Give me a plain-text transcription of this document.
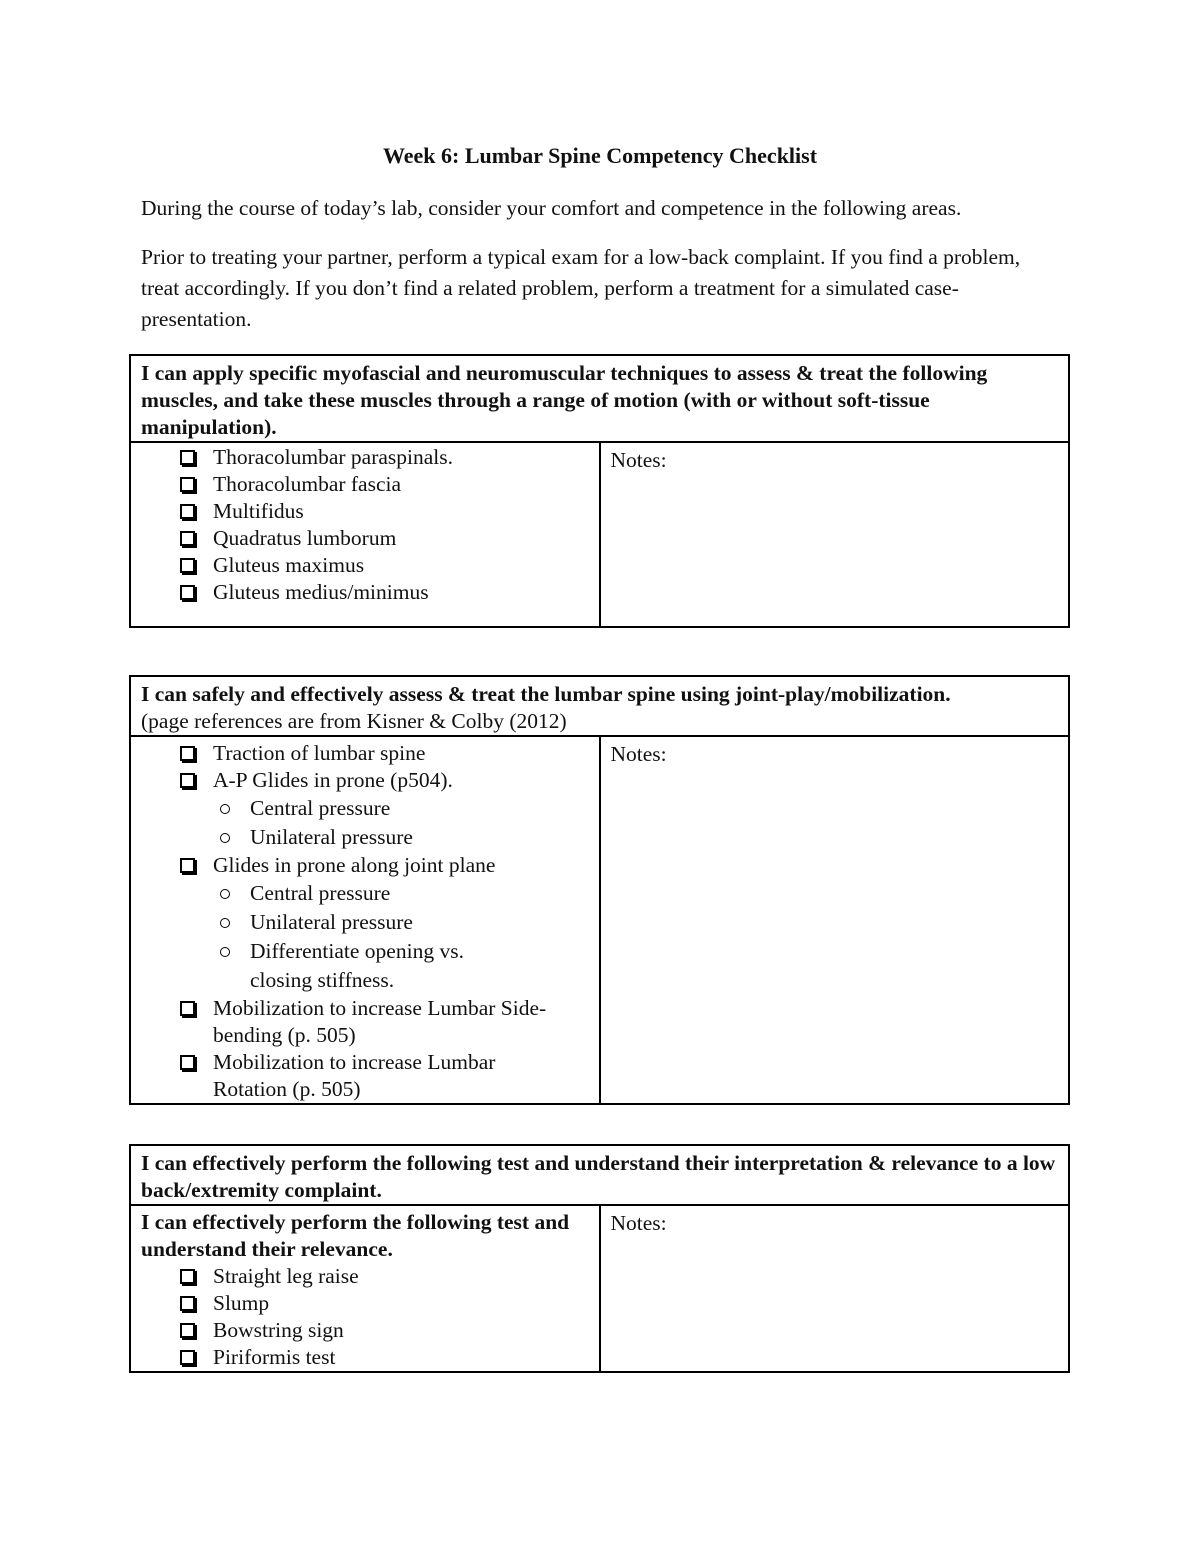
Week 6: Lumbar Spine Competency Checklist

During the course of today’s lab, consider your comfort and competence in the following areas.

Prior to treating your partner, perform a typical exam for a low-back complaint. If you find a problem, treat accordingly. If you don’t find a related problem, perform a treatment for a simulated case-presentation.

I can apply specific myofascial and neuromuscular techniques to assess & treat the following muscles, and take these muscles through a range of motion (with or without soft-tissue manipulation).

Thoracolumbar paraspinals.
Thoracolumbar fascia
Multifidus
Quadratus lumborum
Gluteus maximus
Gluteus medius/minimus

Notes:
I can safely and effectively assess & treat the lumbar spine using joint-play/mobilization.
(page references are from Kisner & Colby (2012)

Traction of lumbar spine
A-P Glides in prone (p504).
Central pressure
Unilateral pressure
Glides in prone along joint plane
Central pressure
Unilateral pressure
Differentiate opening vs. closing stiffness.
Mobilization to increase Lumbar Side-bending (p. 505)
Mobilization to increase Lumbar Rotation (p. 505)

Notes:
I can effectively perform the following test and understand their interpretation & relevance to a low back/extremity complaint.

I can effectively perform the following test and understand their relevance.
Straight leg raise
Slump
Bowstring sign
Piriformis test

Notes:
